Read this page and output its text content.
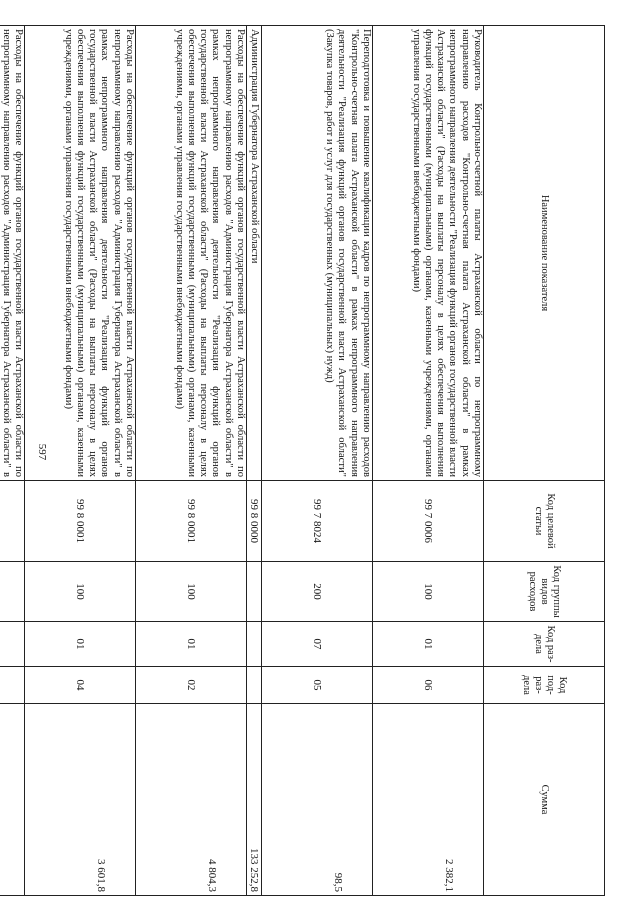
597
Наименование показателя	Код целевой статьи	Код группы видов расходов	Код раз-дела	Код под-раз-дела	Сумма
Руководитель Контрольно-счетной палаты Астраханской области по непрограммному направлению расходов "Контрольно-счетная палата Астраханской области" в рамках непрограммного направления деятельности "Реализация функций органов государственной власти Астраханской области" (Расходы на выплаты персоналу в целях обеспечения выполнения функций государственными (муниципальными) органами, казенными учреждениями, органами управления государственными внебюджетными фондами)	99 7 0006	100	01	06	2 382,1
Переподготовка и повышение квалификации кадров по непрограммному направлению расходов "Контрольно-счетная палата Астраханской области" в рамках непрограммного направления деятельности "Реализация функций органов государственной власти Астраханской области" (Закупка товаров, работ и услуг для государственных (муниципальных) нужд)	99 7 8024	200	07	05	98,5
Администрация Губернатора Астраханской области	99 8 0000				133 252,8
Расходы на обеспечение функций органов государственной власти Астраханской области по непрограммному направлению расходов "Администрация Губернатора Астраханской области" в рамках непрограммного направления деятельности "Реализация функций органов государственной власти Астраханской области" (Расходы на выплаты персоналу в целях обеспечения выполнения функций государственными (муниципальными) органами, казенными учреждениями, органами управления государственными внебюджетными фондами)	99 8 0001	100	01	02	4 804,3
Расходы на обеспечение функций органов государственной власти Астраханской области по непрограммному направлению расходов "Администрация Губернатора Астраханской области" в рамках непрограммного направления деятельности "Реализация функций органов государственной власти Астраханской области" (Расходы на выплаты персоналу в целях обеспечения выполнения функций государственными (муниципальными) органами, казенными учреждениями, органами управления государственными внебюджетными фондами)	99 8 0001	100	01	04	3 601,8
Расходы на обеспечение функций органов государственной власти Астраханской области по непрограммному направлению расходов "Администрация Губернатора Астраханской области" в					
